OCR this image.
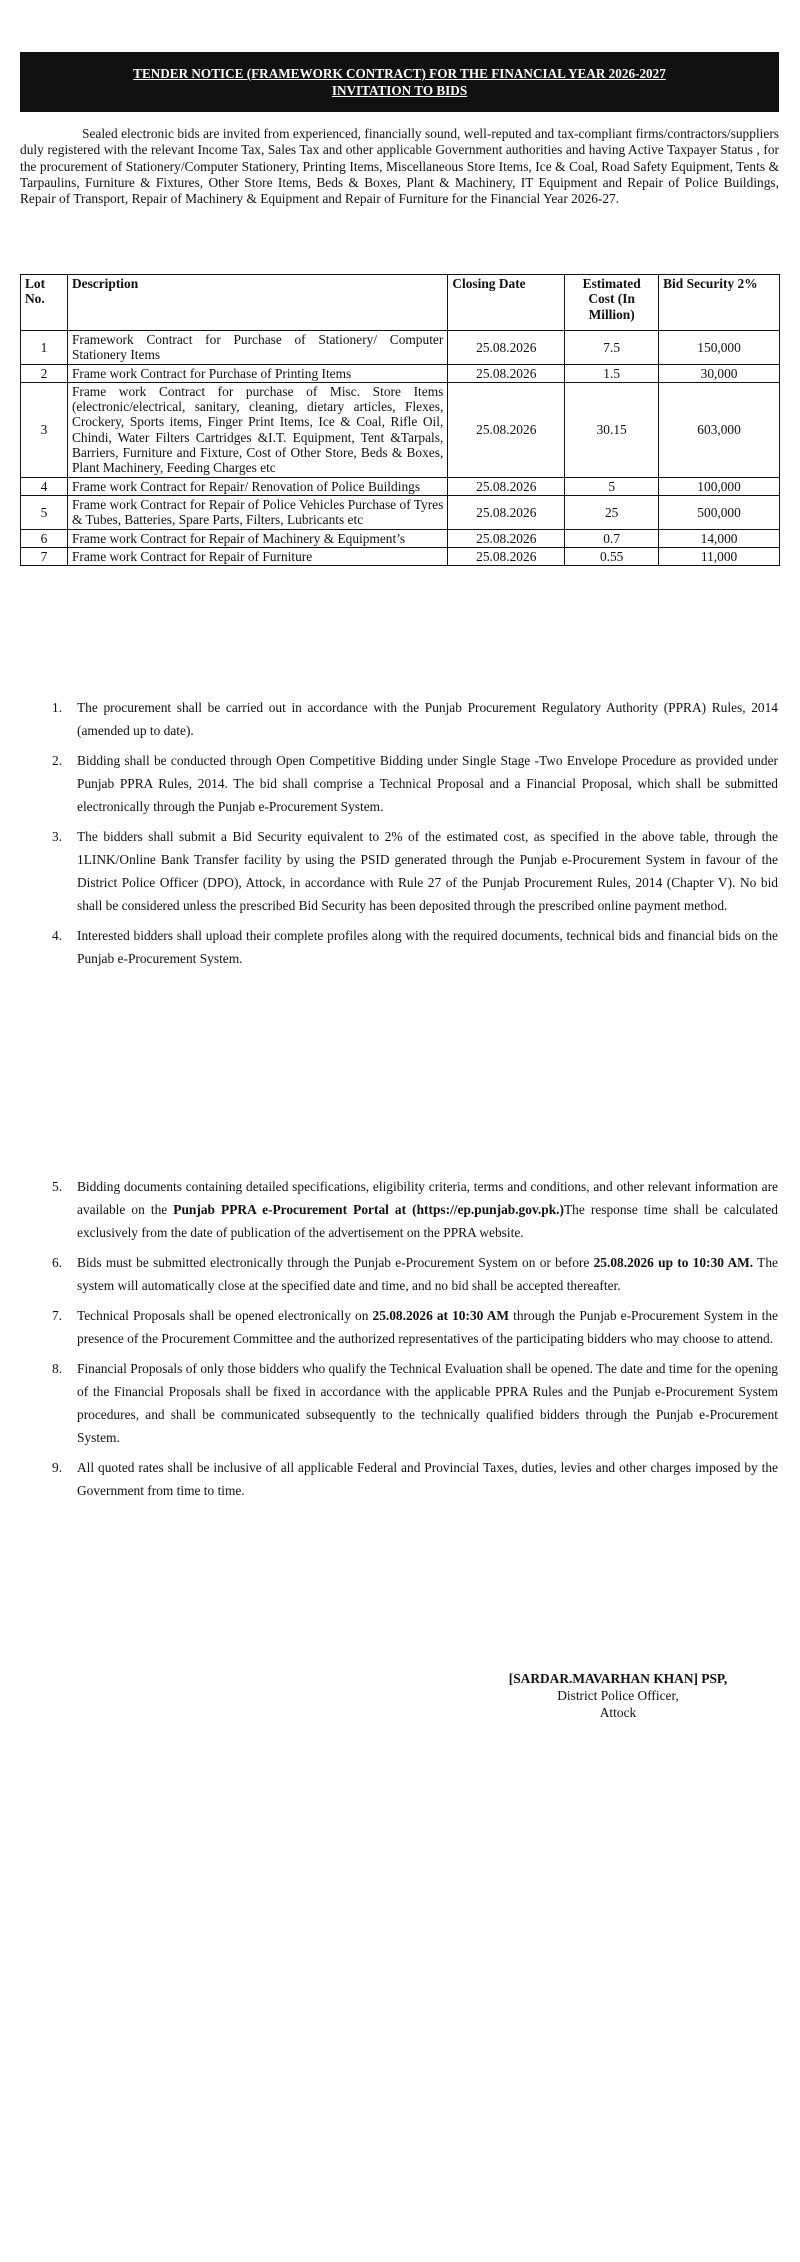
TENDER NOTICE (FRAMEWORK CONTRACT) FOR THE FINANCIAL YEAR 2026-2027
INVITATION TO BIDS

Sealed electronic bids are invited from experienced, financially sound, well-reputed and tax-compliant firms/contractors/suppliers duly registered with the relevant Income Tax, Sales Tax and other applicable Government authorities and having Active Taxpayer Status , for the procurement of Stationery/Computer Stationery, Printing Items, Miscellaneous Store Items, Ice & Coal, Road Safety Equipment, Tents & Tarpaulins, Furniture & Fixtures, Other Store Items, Beds & Boxes, Plant & Machinery, IT Equipment and Repair of Police Buildings, Repair of Transport, Repair of Machinery & Equipment and Repair of Furniture for the Financial Year 2026-27.

Lot No.	Description	Closing Date	Estimated Cost (In Million)	Bid Security 2%
1	Framework Contract for Purchase of Stationery/ Computer Stationery Items	25.08.2026	7.5	150,000
2	Frame work Contract for Purchase of Printing Items	25.08.2026	1.5	30,000
3	Frame work Contract for purchase of Misc. Store Items (electronic/electrical, sanitary, cleaning, dietary articles, Flexes, Crockery, Sports items, Finger Print Items, Ice & Coal, Rifle Oil, Chindi, Water Filters Cartridges &I.T. Equipment, Tent &Tarpals, Barriers, Furniture and Fixture, Cost of Other Store, Beds & Boxes, Plant Machinery, Feeding Charges etc	25.08.2026	30.15	603,000
4	Frame work Contract for Repair/ Renovation of Police Buildings	25.08.2026	5	100,000
5	Frame work Contract for Repair of Police Vehicles Purchase of Tyres & Tubes, Batteries, Spare Parts, Filters, Lubricants etc	25.08.2026	25	500,000
6	Frame work Contract for Repair of Machinery & Equipment’s	25.08.2026	0.7	14,000
7	Frame work Contract for Repair of Furniture	25.08.2026	0.55	11,000
1. The procurement shall be carried out in accordance with the Punjab Procurement Regulatory Authority (PPRA) Rules, 2014 (amended up to date).
2. Bidding shall be conducted through Open Competitive Bidding under Single Stage -Two Envelope Procedure as provided under Punjab PPRA Rules, 2014. The bid shall comprise a Technical Proposal and a Financial Proposal, which shall be submitted electronically through the Punjab e-Procurement System.
3. The bidders shall submit a Bid Security equivalent to 2% of the estimated cost, as specified in the above table, through the 1LINK/Online Bank Transfer facility by using the PSID generated through the Punjab e-Procurement System in favour of the District Police Officer (DPO), Attock, in accordance with Rule 27 of the Punjab Procurement Rules, 2014 (Chapter V). No bid shall be considered unless the prescribed Bid Security has been deposited through the prescribed online payment method.
4. Interested bidders shall upload their complete profiles along with the required documents, technical bids and financial bids on the Punjab e-Procurement System.
5. Bidding documents containing detailed specifications, eligibility criteria, terms and conditions, and other relevant information are available on the Punjab PPRA e-Procurement Portal at (https://ep.punjab.gov.pk.)The response time shall be calculated exclusively from the date of publication of the advertisement on the PPRA website.
6. Bids must be submitted electronically through the Punjab e-Procurement System on or before 25.08.2026 up to 10:30 AM. The system will automatically close at the specified date and time, and no bid shall be accepted thereafter.
7. Technical Proposals shall be opened electronically on 25.08.2026 at 10:30 AM through the Punjab e-Procurement System in the presence of the Procurement Committee and the authorized representatives of the participating bidders who may choose to attend.
8. Financial Proposals of only those bidders who qualify the Technical Evaluation shall be opened. The date and time for the opening of the Financial Proposals shall be fixed in accordance with the applicable PPRA Rules and the Punjab e-Procurement System procedures, and shall be communicated subsequently to the technically qualified bidders through the Punjab e-Procurement System.
9. All quoted rates shall be inclusive of all applicable Federal and Provincial Taxes, duties, levies and other charges imposed by the Government from time to time.
[SARDAR.MAVARHAN KHAN] PSP,
District Police Officer,
Attock
